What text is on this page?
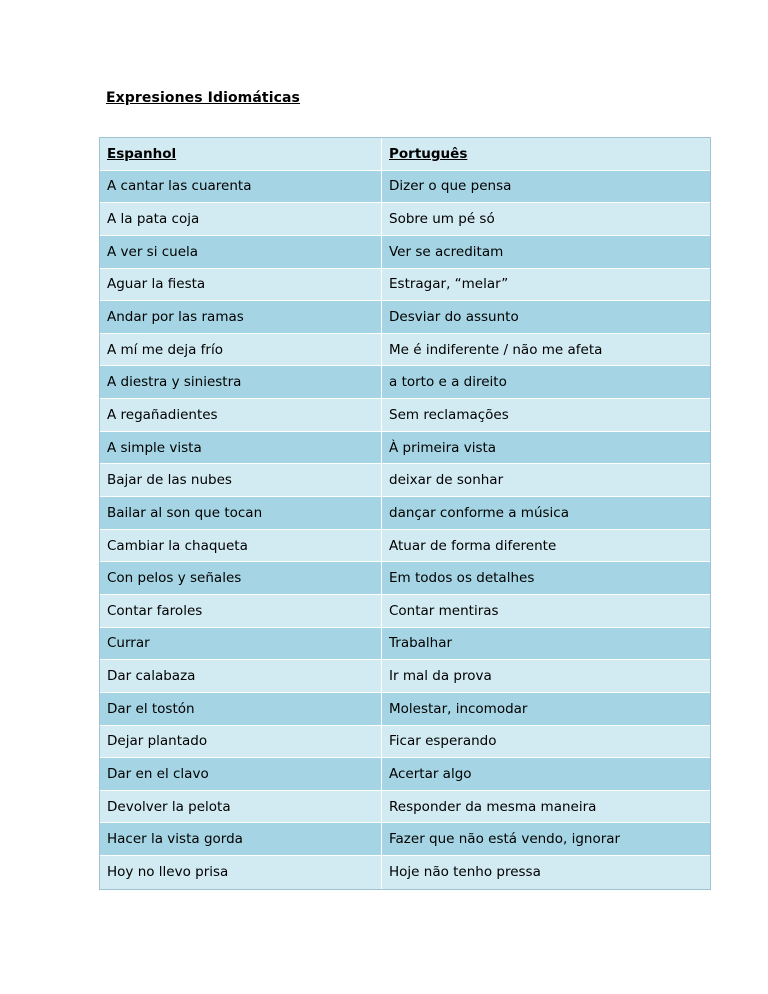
Expresiones Idiomáticas
Espanhol	Português
A cantar las cuarenta	Dizer o que pensa
A la pata coja	Sobre um pé só
A ver si cuela	Ver se acreditam
Aguar la fiesta	Estragar, “melar”
Andar por las ramas	Desviar do assunto
A mí me deja frío	Me é indiferente / não me afeta
A diestra y siniestra	a torto e a direito
A regañadientes	Sem reclamações
A simple vista	À primeira vista
Bajar de las nubes	deixar de sonhar
Bailar al son que tocan	dançar conforme a música
Cambiar la chaqueta	Atuar de forma diferente
Con pelos y señales	Em todos os detalhes
Contar faroles	Contar mentiras
Currar	Trabalhar
Dar calabaza	Ir mal da prova
Dar el tostón	Molestar, incomodar
Dejar plantado	Ficar esperando
Dar en el clavo	Acertar algo
Devolver la pelota	Responder da mesma maneira
Hacer la vista gorda	Fazer que não está vendo, ignorar
Hoy no llevo prisa	Hoje não tenho pressa
